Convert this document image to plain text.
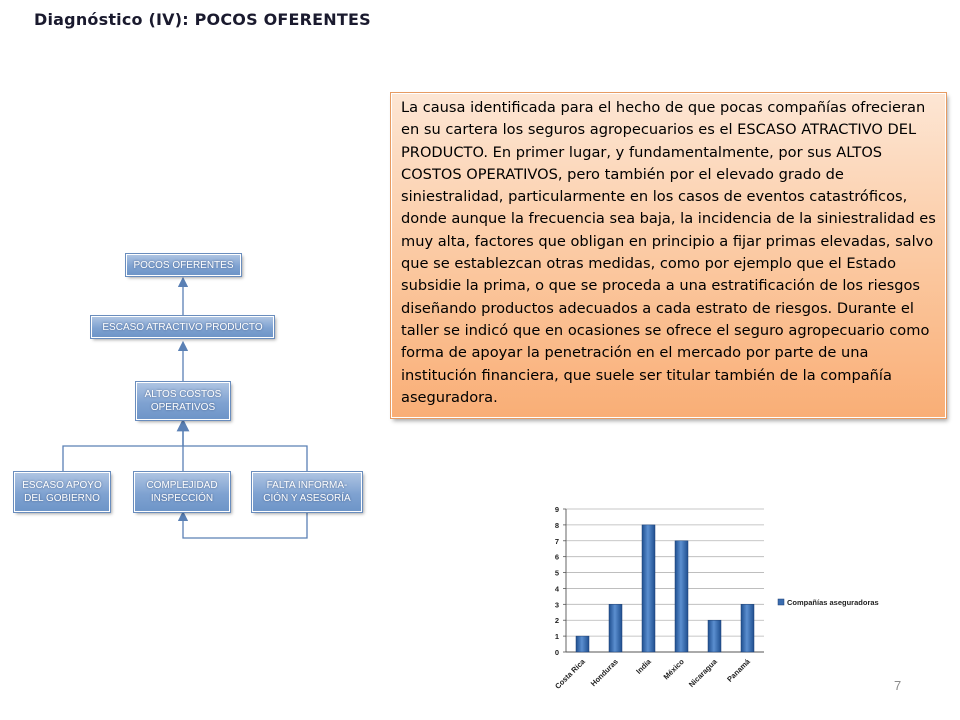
Diagnóstico (IV): POCOS OFERENTES
POCOS OFERENTES
ESCASO ATRACTIVO PRODUCTO
ALTOS COSTOS
OPERATIVOS
ESCASO APOYO
DEL GOBIERNO
COMPLEJIDAD
INSPECCIÓN
FALTA INFORMA-
CIÓN Y ASESORÍA
La causa identificada para el hecho de que pocas compañías ofrecieran en su cartera los seguros agropecuarios es el ESCASO ATRACTIVO DEL PRODUCTO. En primer lugar, y fundamentalmente, por sus ALTOS COSTOS OPERATIVOS, pero también por el elevado grado de siniestralidad, particularmente en los casos de eventos catastróficos, donde aunque la frecuencia sea baja, la incidencia de la siniestralidad es muy alta, factores que obligan en principio a fijar primas elevadas, salvo que se establezcan otras medidas, como por ejemplo que el Estado subsidie la prima, o que se proceda a una estratificación de los riesgos diseñando productos adecuados a cada estrato de riesgos. Durante el taller se indicó que en ocasiones se ofrece el seguro agropecuario como forma de apoyar la penetración en el mercado por parte de una institución financiera, que suele ser titular también de la compañía aseguradora.
0
1
2
3
4
5
6
7
8
9
Costa Rica Honduras India México Nicaragua Panamá
Compañías aseguradoras
7
